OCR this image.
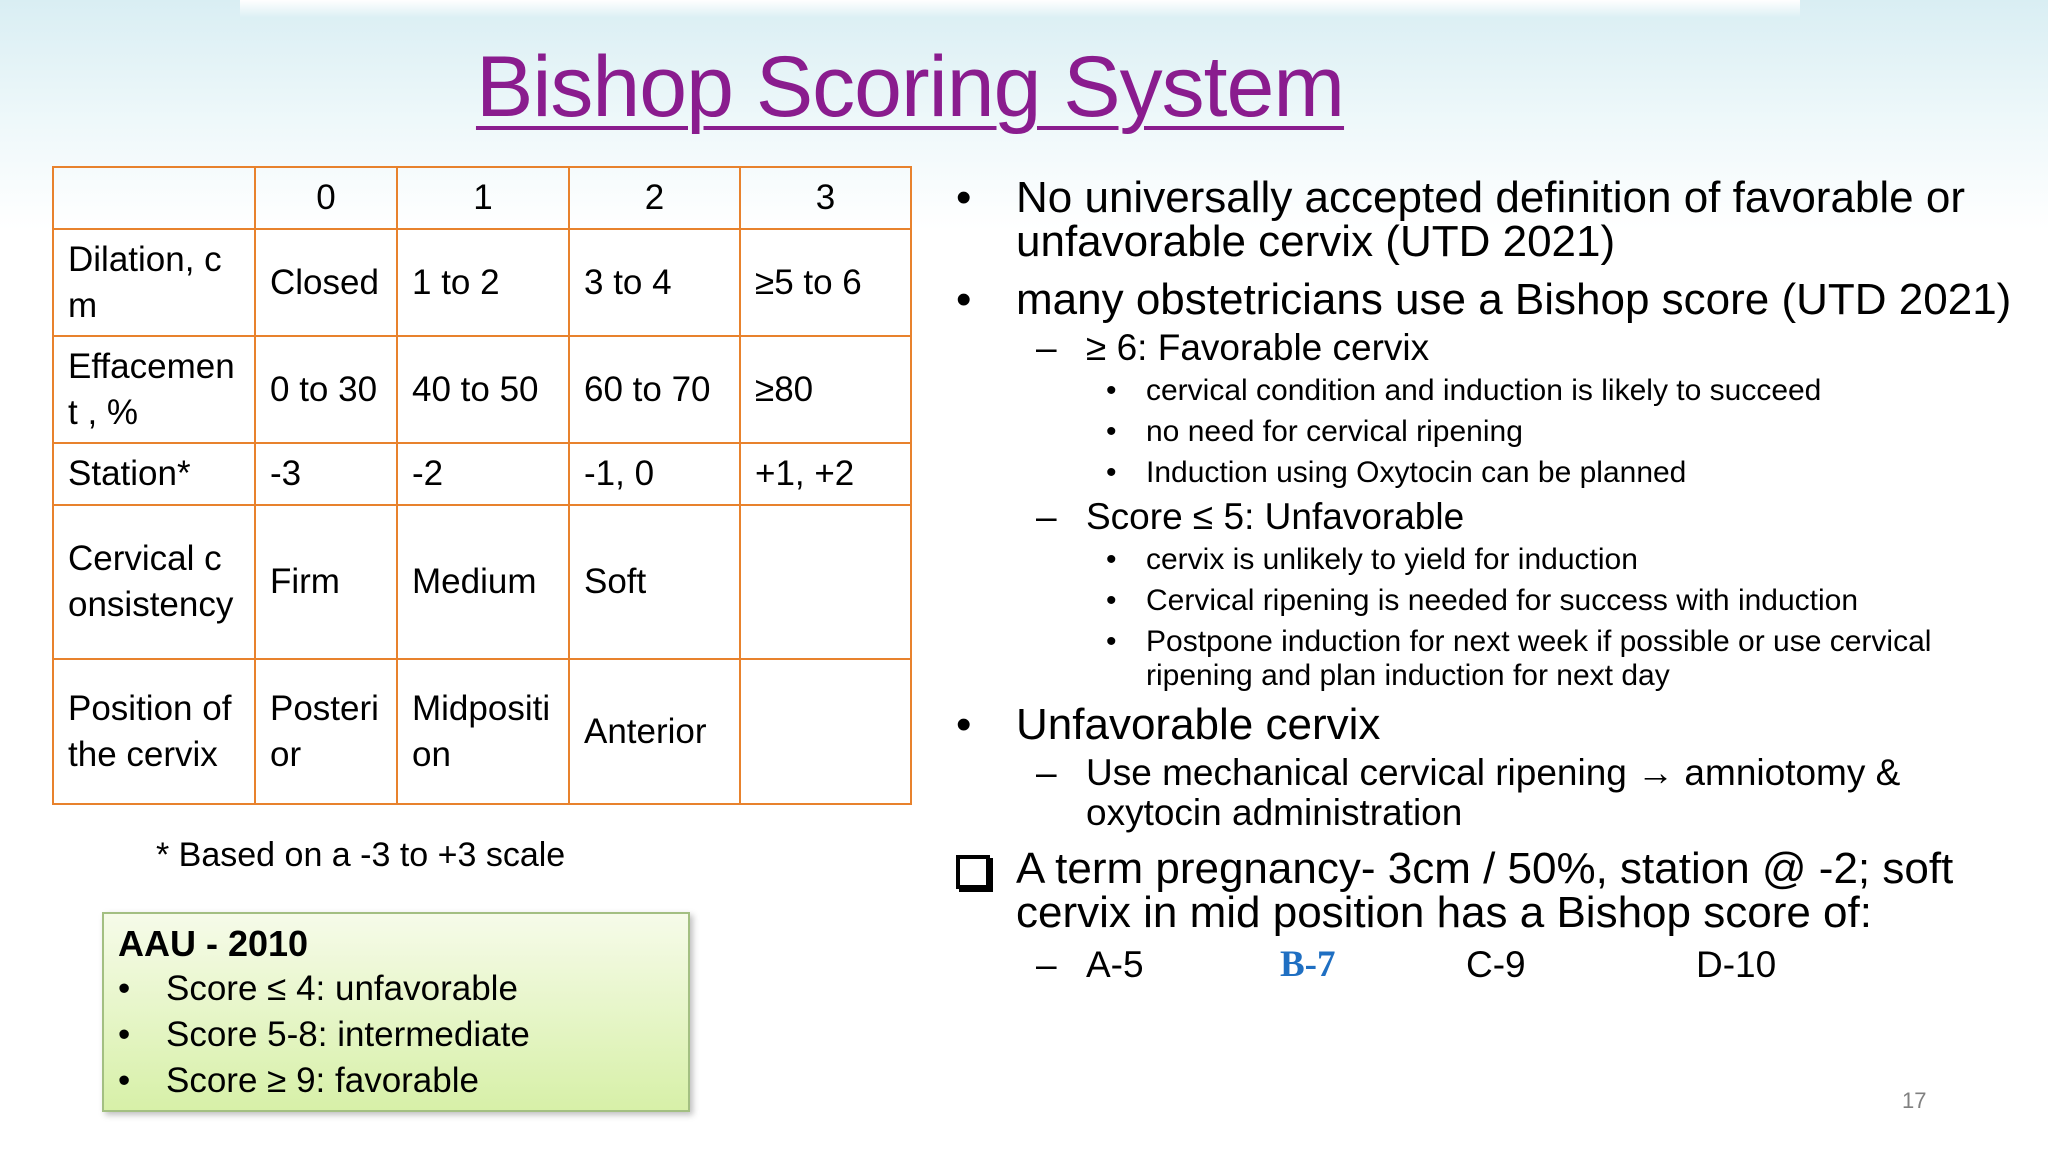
Bishop Scoring System
	0	1	2	3
Dilation, cm	Closed	1 to 2	3 to 4	≥5 to 6
Effacement , %	0 to 30	40 to 50	60 to 70	≥80
Station*	-3	-2	-1, 0	+1, +2
Cervical consistency	Firm	Medium	Soft	
Position of the cervix	Posterior	Midposition	Anterior	
* Based on a -3 to +3 scale
AAU - 2010
•	Score ≤ 4: unfavorable
•	Score 5-8: intermediate
•	Score ≥ 9: favorable
•	No universally accepted definition of favorable or unfavorable cervix (UTD 2021)
•	many obstetricians use a Bishop score (UTD 2021)
– ≥ 6: Favorable cervix
• cervical condition and induction is likely to succeed
• no need for cervical ripening
• Induction using Oxytocin can be planned
– Score ≤ 5: Unfavorable
• cervix is unlikely to yield for induction
• Cervical ripening is needed for success with induction
• Postpone induction for next week if possible or use cervical ripening and plan induction for next day
•	Unfavorable cervix
– Use mechanical cervical ripening → amniotomy & oxytocin administration
A term pregnancy- 3cm / 50%, station @ -2; soft cervix in mid position has a Bishop score of:
– A-5	B-7	C-9	D-10
17
